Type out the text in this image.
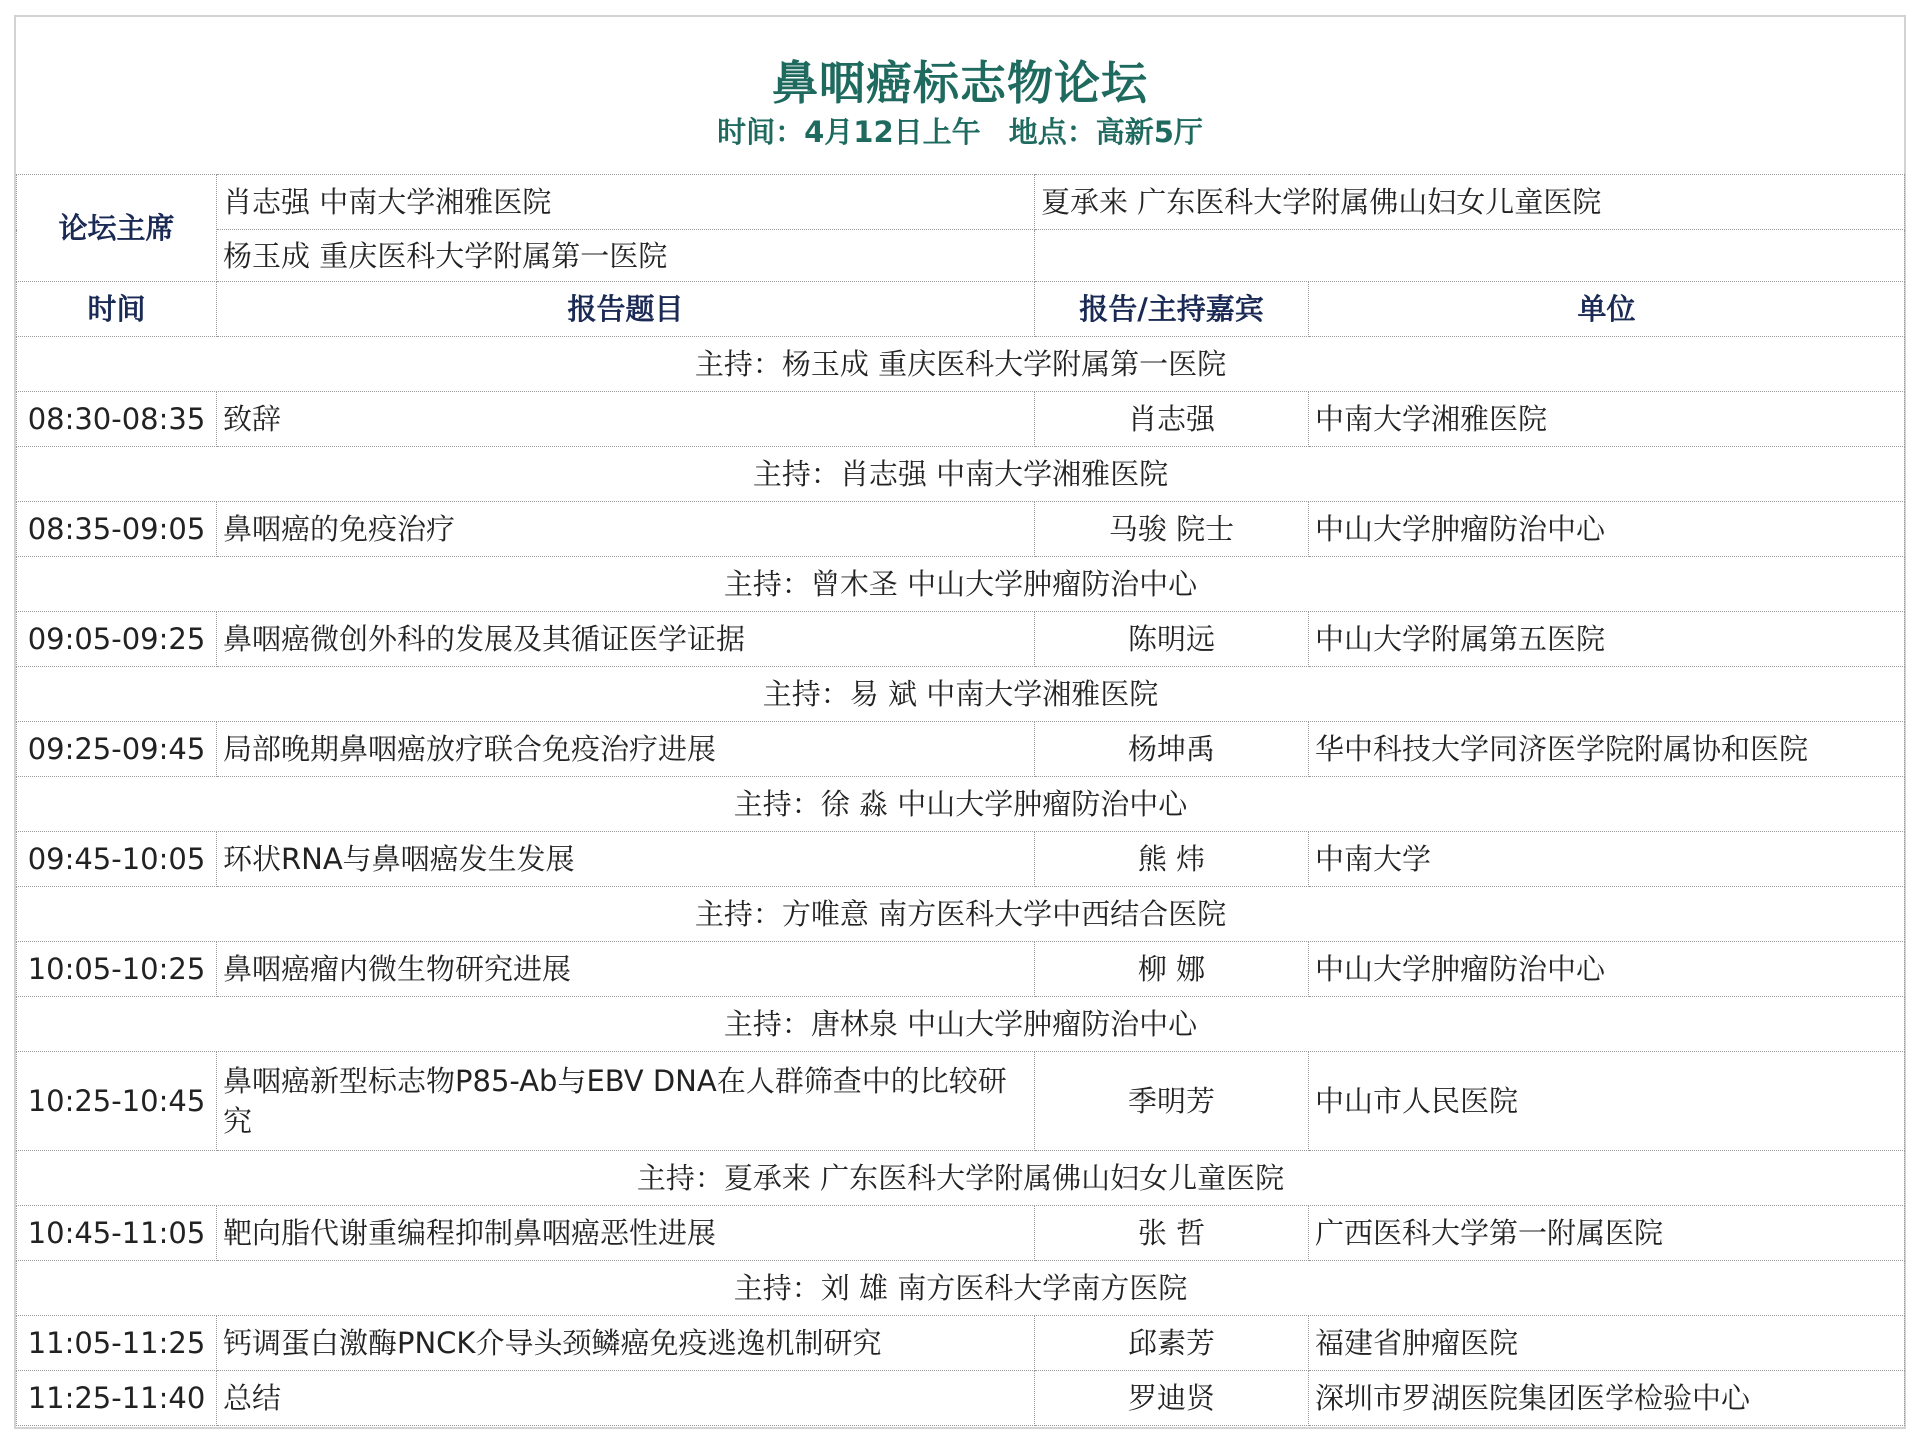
鼻咽癌标志物论坛
时间：4月12日上午 地点：高新5厅
论坛主席	肖志强 中南大学湘雅医院	夏承来 广东医科大学附属佛山妇女儿童医院	
	杨玉成 重庆医科大学附属第一医院		
时间	报告题目	报告/主持嘉宾	单位
主持：杨玉成 重庆医科大学附属第一医院			
08:30-08:35	致辞	肖志强	中南大学湘雅医院
主持：肖志强 中南大学湘雅医院			
08:35-09:05	鼻咽癌的免疫治疗	马骏 院士	中山大学肿瘤防治中心
主持：曾木圣 中山大学肿瘤防治中心			
09:05-09:25	鼻咽癌微创外科的发展及其循证医学证据	陈明远	中山大学附属第五医院
主持：易 斌 中南大学湘雅医院			
09:25-09:45	局部晚期鼻咽癌放疗联合免疫治疗进展	杨坤禹	华中科技大学同济医学院附属协和医院
主持：徐 淼 中山大学肿瘤防治中心			
09:45-10:05	环状RNA与鼻咽癌发生发展	熊 炜	中南大学
主持：方唯意 南方医科大学中西结合医院			
10:05-10:25	鼻咽癌瘤内微生物研究进展	柳 娜	中山大学肿瘤防治中心
主持：唐林泉 中山大学肿瘤防治中心			
10:25-10:45	鼻咽癌新型标志物P85-Ab与EBV DNA在人群筛查中的比较研究	季明芳	中山市人民医院
主持：夏承来 广东医科大学附属佛山妇女儿童医院			
10:45-11:05	靶向脂代谢重编程抑制鼻咽癌恶性进展	张 哲	广西医科大学第一附属医院
主持：刘 雄 南方医科大学南方医院			
11:05-11:25	钙调蛋白激酶PNCK介导头颈鳞癌免疫逃逸机制研究	邱素芳	福建省肿瘤医院
11:25-11:40	总结	罗迪贤	深圳市罗湖医院集团医学检验中心
